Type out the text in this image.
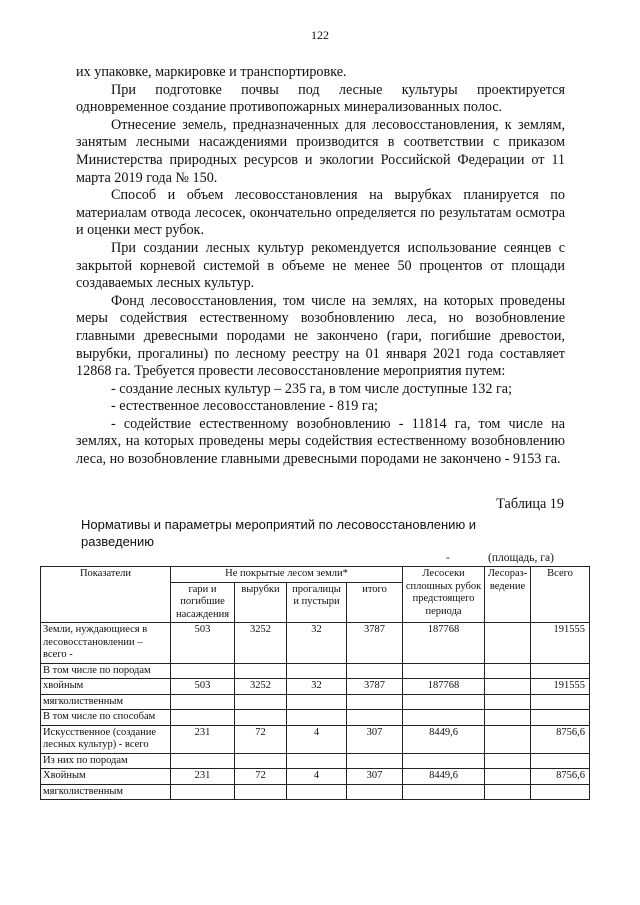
122

их упаковке, маркировке и транспортировке.

При подготовке почвы под лесные культуры проектируется одновременное создание противопожарных минерализованных полос.

Отнесение земель, предназначенных для лесовосстановления, к землям, занятым лесными насаждениями производится в соответствии с приказом Министерства природных ресурсов и экологии Российской Федерации от 11 марта 2019 года № 150.

Способ и объем лесовосстановления на вырубках планируется по материалам отвода лесосек, окончательно определяется по результатам осмотра и оценки мест рубок.

При создании лесных культур рекомендуется использование сеянцев с закрытой корневой системой в объеме не менее 50 процентов от площади создаваемых лесных культур.

Фонд лесовосстановления, том числе на землях, на которых проведены меры содействия естественному возобновлению леса, но возобновление главными древесными породами не закончено (гари, погибшие древостои, вырубки, прогалины) по лесному реестру на 01 января 2021 года составляет 12868 га. Требуется провести лесовосстановление мероприятия путем:

- создание лесных культур – 235 га, в том числе доступные 132 га;

- естественное лесовосстановление - 819 га;

- содействие естественному возобновлению - 11814 га, том числе на землях, на которых проведены меры содействия естественному возобновлению леса, но возобновление главными древесными породами не закончено - 9153 га.

Таблица 19
Нормативы и параметры мероприятий по лесовосстановлению и разведению
-	(площадь, га)
Показатели	Не покрытые лесом земли*				Лесосеки сплошных рубок предстоящего периода	Лесораз-ведение	Всего
	гари и погибшие насаждения	вырубки	прогалицы и пустыри	итого			
Земли, нуждающиеся в лесовосстановлении – всего -	503	3252	32	3787	187768		191555
В том числе по породам							
хвойным	503	3252	32	3787	187768		191555
мягколиственным							
В том числе по способам							
Искусственное (создание лесных культур) - всего	231	72	4	307	8449,6		8756,6
Из них по породам							
Хвойным	231	72	4	307	8449,6		8756,6
мягколиственным							
